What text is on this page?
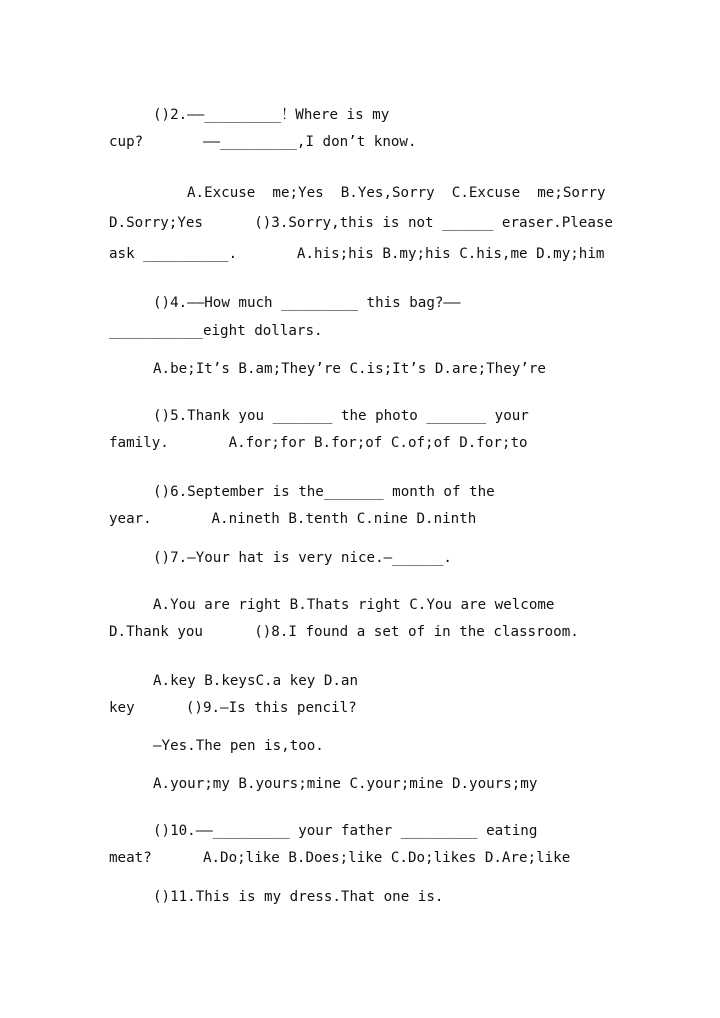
()2.——_________！Where is my
cup?       ——_________,I don’t know.
A.Excuse  me;Yes  B.Yes,Sorry  C.Excuse  me;Sorry
D.Sorry;Yes      ()3.Sorry,this is not ______ eraser.Please
ask __________.       A.his;his B.my;his C.his,me D.my;him
()4.——How much _________ this bag?——
___________eight dollars.
A.be;It’s B.am;They’re C.is;It’s D.are;They’re
()5.Thank you _______ the photo _______ your
family.       A.for;for B.for;of C.of;of D.for;to
()6.September is the_______ month of the
year.       A.nineth B.tenth C.nine D.ninth
()7.—Your hat is very nice.—______.
A.You are right B.Thats right C.You are welcome
D.Thank you      ()8.I found a set of in the classroom.
A.key B.keysC.a key D.an
key      ()9.—Is this pencil?
—Yes.The pen is,too.
A.your;my B.yours;mine C.your;mine D.yours;my
()10.——_________ your father _________ eating
meat?      A.Do;like B.Does;like C.Do;likes D.Are;like
()11.This is my dress.That one is.
